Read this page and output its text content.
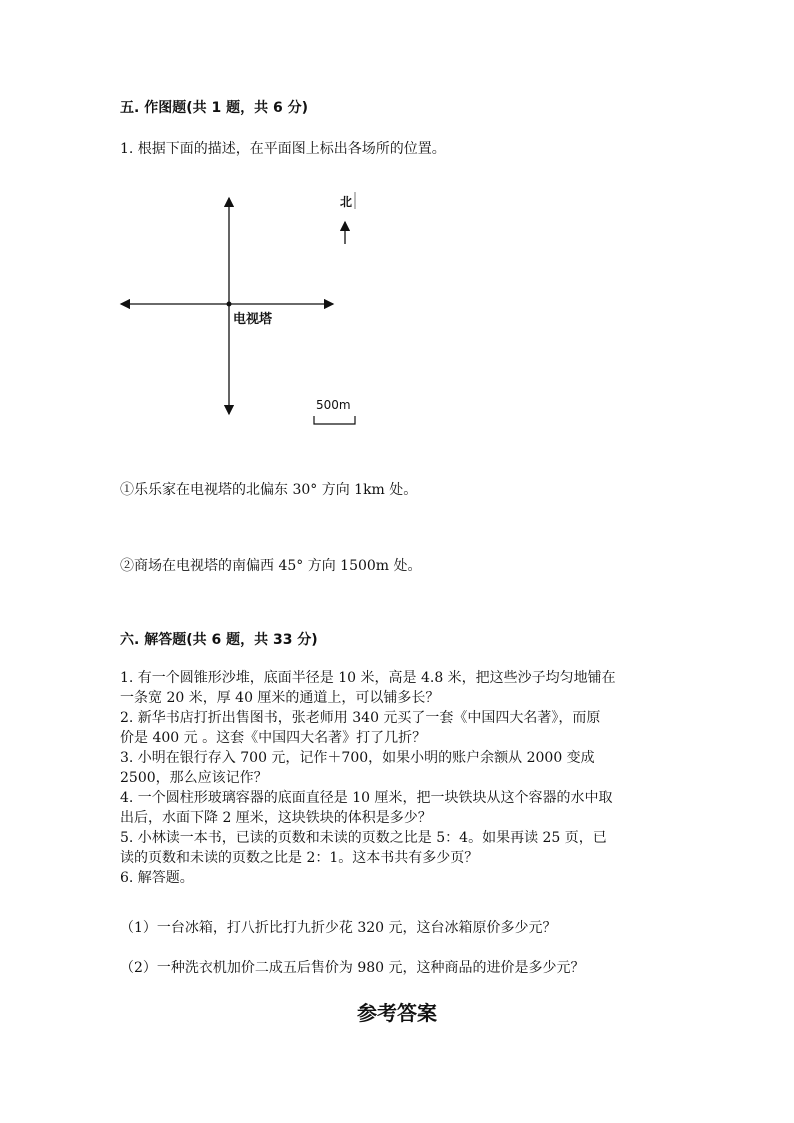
五. 作图题(共 1 题，共 6 分)
1. 根据下面的描述，在平面图上标出各场所的位置。
电视塔
北
500m
①乐乐家在电视塔的北偏东 30° 方向 1km 处。
②商场在电视塔的南偏西 45° 方向 1500m 处。
六. 解答题(共 6 题，共 33 分)
1. 有一个圆锥形沙堆，底面半径是 10 米，高是 4.8 米，把这些沙子均匀地铺在
一条宽 20 米，厚 40 厘米的通道上，可以铺多长？
2. 新华书店打折出售图书，张老师用 340 元买了一套《中国四大名著》，而原
价是 400 元 。这套《中国四大名著》打了几折？
3. 小明在银行存入 700 元，记作＋700，如果小明的账户余额从 2000 变成
2500，那么应该记作？
4. 一个圆柱形玻璃容器的底面直径是 10 厘米，把一块铁块从这个容器的水中取
出后，水面下降 2 厘米，这块铁块的体积是多少？
5. 小林读一本书，已读的页数和未读的页数之比是 5：4。如果再读 25 页，已
读的页数和未读的页数之比是 2：1。这本书共有多少页？
6. 解答题。
（1）一台冰箱，打八折比打九折少花 320 元，这台冰箱原价多少元？
（2）一种洗衣机加价二成五后售价为 980 元，这种商品的进价是多少元？
参考答案
